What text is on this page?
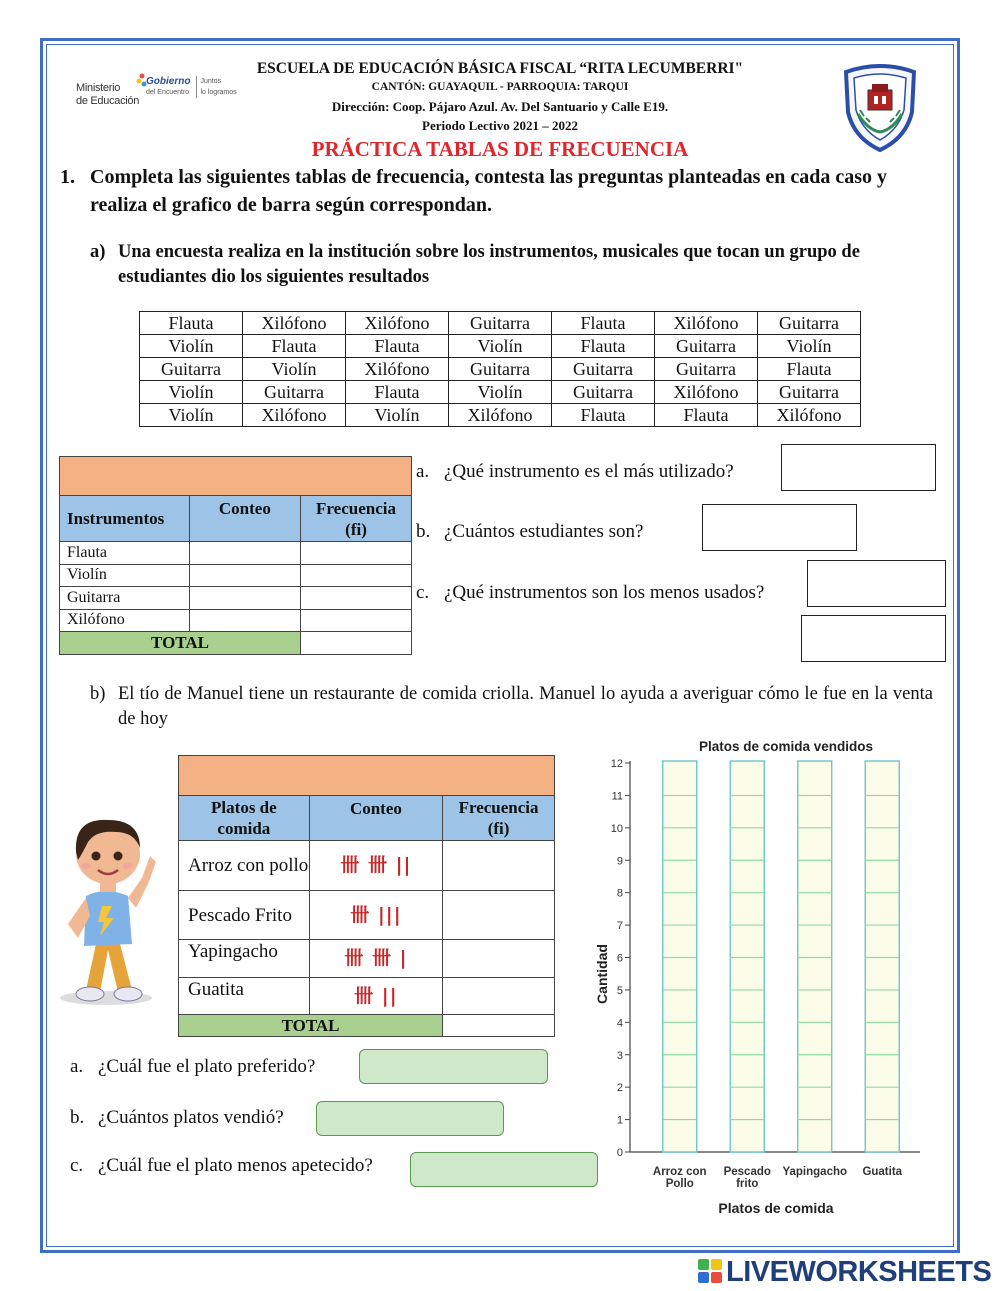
Ministerio
de Educación
Gobierno
del Encuentro
Juntos
lo logramos
ESCUELA DE EDUCACIÓN BÁSICA FISCAL “RITA LECUMBERRI"
CANTÓN: GUAYAQUIL - PARROQUIA: TARQUI
Dirección: Coop. Pájaro Azul. Av. Del Santuario y Calle E19.
Periodo Lectivo 2021 – 2022
PRÁCTICA TABLAS DE FRECUENCIA
1. Completa las siguientes tablas de frecuencia, contesta las preguntas planteadas en cada caso y realiza el grafico de barra según correspondan.
a) Una encuesta realiza en la institución sobre los instrumentos, musicales que tocan un grupo de estudiantes dio los siguientes resultados
Flauta	Xilófono	Xilófono	Guitarra	Flauta	Xilófono	Guitarra
Violín	Flauta	Flauta	Violín	Flauta	Guitarra	Violín
Guitarra	Violín	Xilófono	Guitarra	Guitarra	Guitarra	Flauta
Violín	Guitarra	Flauta	Violín	Guitarra	Xilófono	Guitarra
Violín	Xilófono	Violín	Xilófono	Flauta	Flauta	Xilófono

Instrumentos	Conteo	Frecuencia (fi)
Flauta		
Violín		
Guitarra		
Xilófono		
TOTAL		
a. ¿Qué instrumento es el más utilizado?
b. ¿Cuántos estudiantes son?
c. ¿Qué instrumentos son los menos usados?
b) El tío de Manuel tiene un restaurante de comida criolla. Manuel lo ayuda a averiguar cómo le fue en la venta de hoy

Platos de comida	Conteo	Frecuencia (fi)
Arroz con pollo	卌 卌 ||	
Pescado Frito	卌 |||	
Yapingacho	卌 卌 |	
Guatita	卌 ||	
TOTAL		
a. ¿Cuál fue el plato preferido?
b. ¿Cuántos platos vendió?
c. ¿Cuál fue el plato menos apetecido?
Platos de comida vendidos
Cantidad
Platos de comida
Arroz con Pollo
Pescado frito
Yapingacho Guatita
0
1
2
3
4
5
6
7
8
9
10
11
12
LIVEWORKSHEETS
